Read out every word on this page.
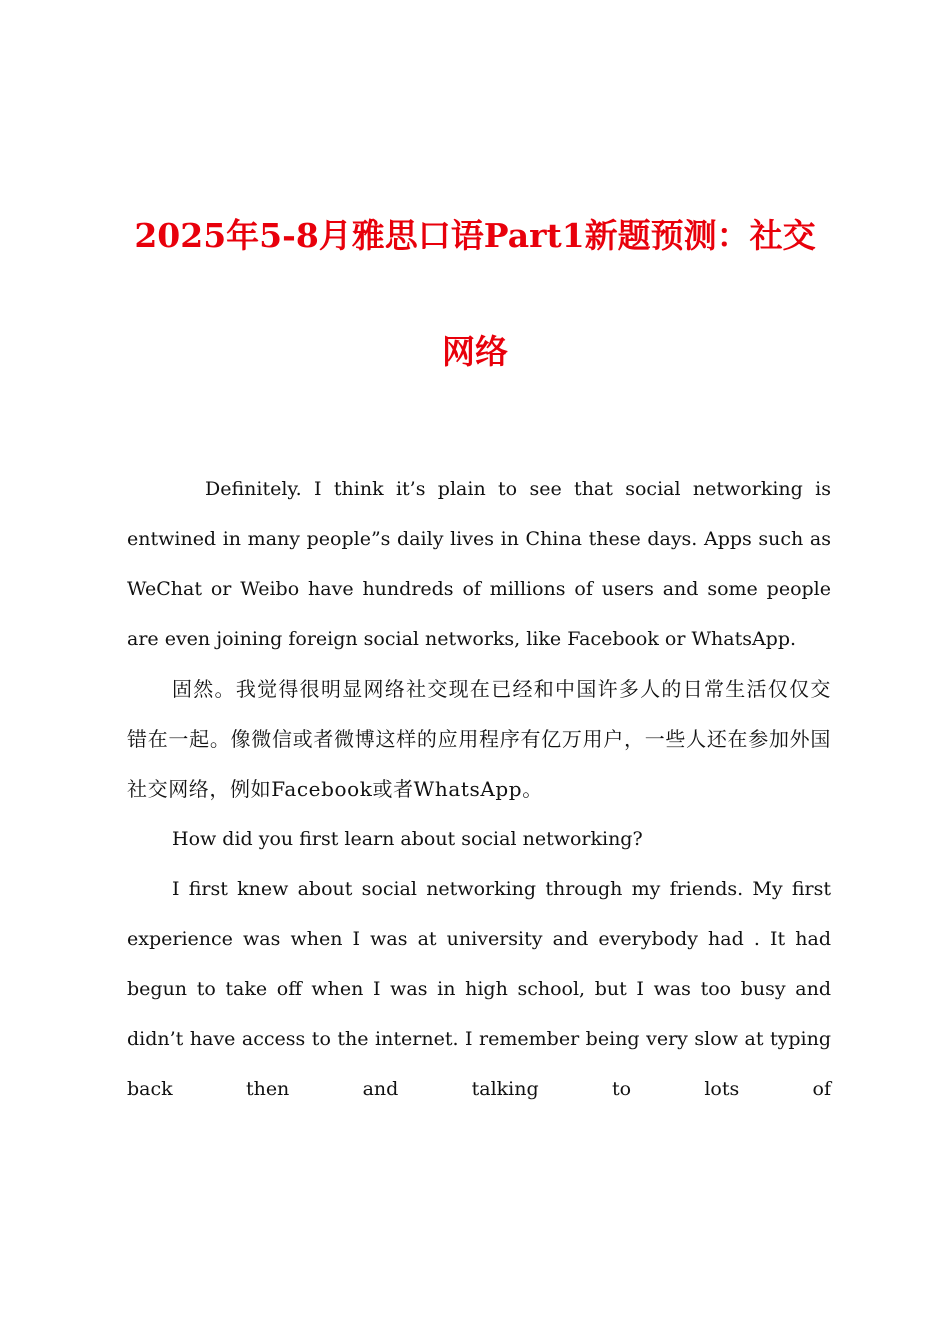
2025年5-8月雅思口语Part1新题预测：社交
网络

Definitely. I think it’s plain to see that social networking is entwined in many people”s daily lives in China these days. Apps such as WeChat or Weibo have hundreds of millions of users and some people are even joining foreign social networks, like Facebook or WhatsApp.

固然。我觉得很明显网络社交现在已经和中国许多人的日常生活仅仅交错在一起。像微信或者微博这样的应用程序有亿万用户，一些人还在参加外国社交网络，例如Facebook或者WhatsApp。

How did you first learn about social networking?

I first knew about social networking through my friends. My first experience was when I was at university and everybody had . It had begun to take off when I was in high school, but I was too busy and didn’t have access to the internet. I remember being very slow at typing back then and talking to lots of
